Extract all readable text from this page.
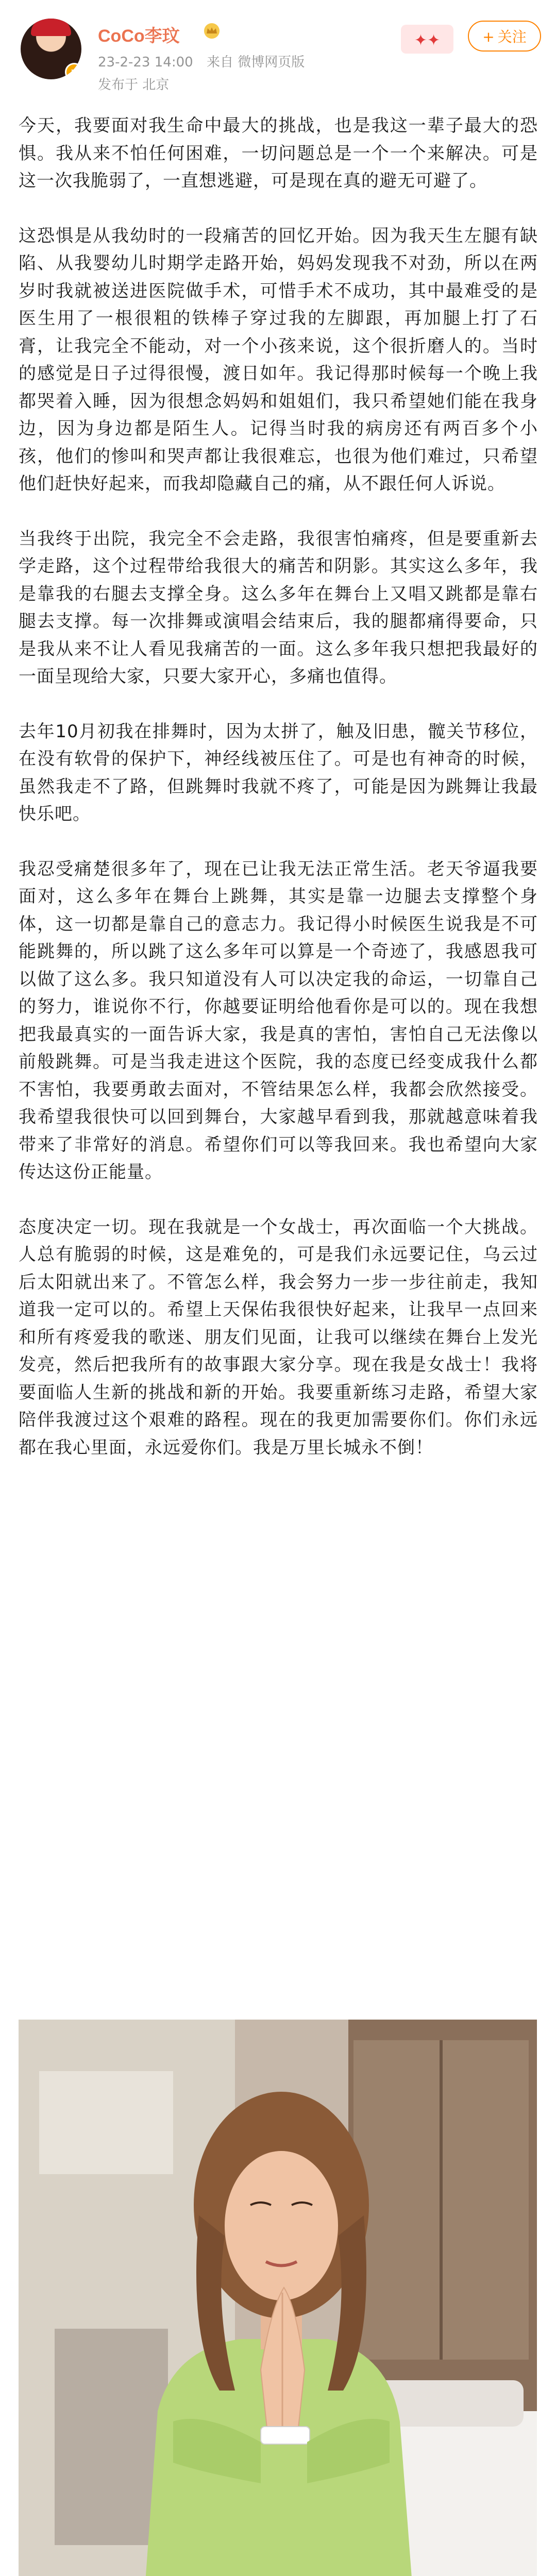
v
CoCo李玟
23-2-23 14:00 来自 微博网页版
发布于 北京
✦✦	+ 关注

今天，我要面对我生命中最大的挑战，也是我这一辈子最大的恐惧。我从来不怕任何困难，一切问题总是一个一个来解决。可是这一次我脆弱了，一直想逃避，可是现在真的避无可避了。

这恐惧是从我幼时的一段痛苦的回忆开始。因为我天生左腿有缺陷、从我婴幼儿时期学走路开始，妈妈发现我不对劲，所以在两岁时我就被送进医院做手术，可惜手术不成功，其中最难受的是医生用了一根很粗的铁棒子穿过我的左脚跟，再加腿上打了石膏，让我完全不能动，对一个小孩来说，这个很折磨人的。当时的感觉是日子过得很慢，渡日如年。我记得那时候每一个晚上我都哭着入睡，因为很想念妈妈和姐姐们，我只希望她们能在我身边，因为身边都是陌生人。记得当时我的病房还有两百多个小孩，他们的惨叫和哭声都让我很难忘，也很为他们难过，只希望他们赶快好起来，而我却隐藏自己的痛，从不跟任何人诉说。

当我终于出院，我完全不会走路，我很害怕痛疼，但是要重新去学走路，这个过程带给我很大的痛苦和阴影。其实这么多年，我是靠我的右腿去支撑全身。这么多年在舞台上又唱又跳都是靠右腿去支撑。每一次排舞或演唱会结束后，我的腿都痛得要命，只是我从来不让人看见我痛苦的一面。这么多年我只想把我最好的一面呈现给大家，只要大家开心，多痛也值得。

去年10月初我在排舞时，因为太拼了，触及旧患，髋关节移位，在没有软骨的保护下，神经线被压住了。可是也有神奇的时候，虽然我走不了路，但跳舞时我就不疼了，可能是因为跳舞让我最快乐吧。

我忍受痛楚很多年了，现在已让我无法正常生活。老天爷逼我要面对，这么多年在舞台上跳舞，其实是靠一边腿去支撑整个身体，这一切都是靠自己的意志力。我记得小时候医生说我是不可能跳舞的，所以跳了这么多年可以算是一个奇迹了，我感恩我可以做了这么多。我只知道没有人可以决定我的命运，一切靠自己的努力，谁说你不行，你越要证明给他看你是可以的。现在我想把我最真实的一面告诉大家，我是真的害怕，害怕自己无法像以前般跳舞。可是当我走进这个医院，我的态度已经变成我什么都不害怕，我要勇敢去面对，不管结果怎么样，我都会欣然接受。我希望我很快可以回到舞台，大家越早看到我，那就越意味着我带来了非常好的消息。希望你们可以等我回来。我也希望向大家传达这份正能量。

态度决定一切。现在我就是一个女战士，再次面临一个大挑战。人总有脆弱的时候，这是难免的，可是我们永远要记住，乌云过后太阳就出来了。不管怎么样，我会努力一步一步往前走，我知道我一定可以的。希望上天保佑我很快好起来，让我早一点回来和所有疼爱我的歌迷、朋友们见面，让我可以继续在舞台上发光发亮，然后把我所有的故事跟大家分享。现在我是女战士！我将要面临人生新的挑战和新的开始。我要重新练习走路，希望大家陪伴我渡过这个艰难的路程。现在的我更加需要你们。你们永远都在我心里面，永远爱你们。我是万里长城永不倒！
